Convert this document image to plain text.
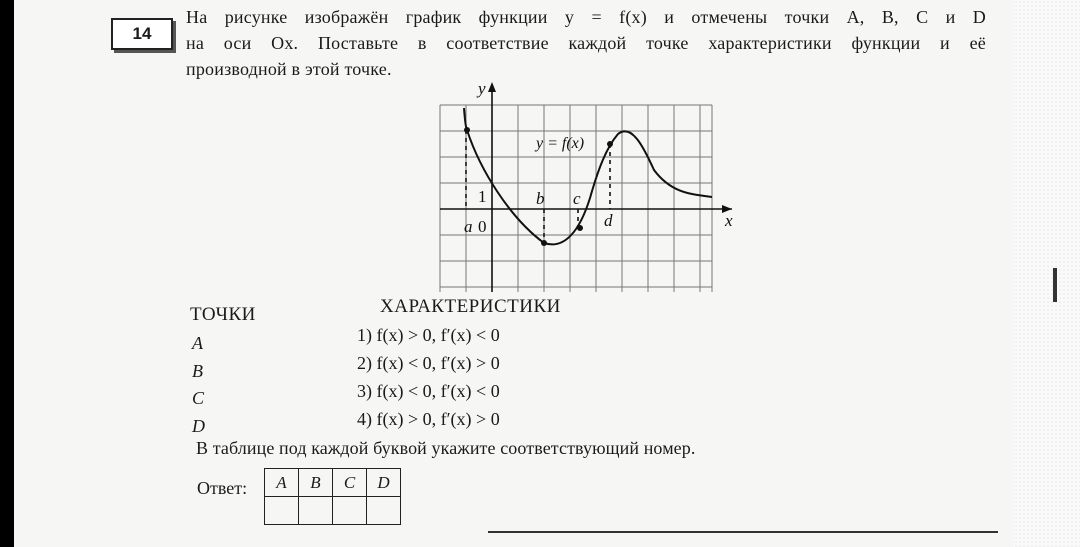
14
На рисунке изображён график функции y = f(x) и отмечены точки A, B, C и D
на оси Ox. Поставьте в соответствие каждой точке характеристики функции и её
производной в этой точке.
y
x
y = f(x)
a
b c
d
1
0
ТОЧКИ	ХАРАКТЕРИСТИКИ
A
B
C
D
1) f(x) > 0, f′(x) < 0
2) f(x) < 0, f′(x) > 0
3) f(x) < 0, f′(x) < 0
4) f(x) > 0, f′(x) > 0
В таблице под каждой буквой укажите соответствующий номер.
Ответ: A	B	C	D
